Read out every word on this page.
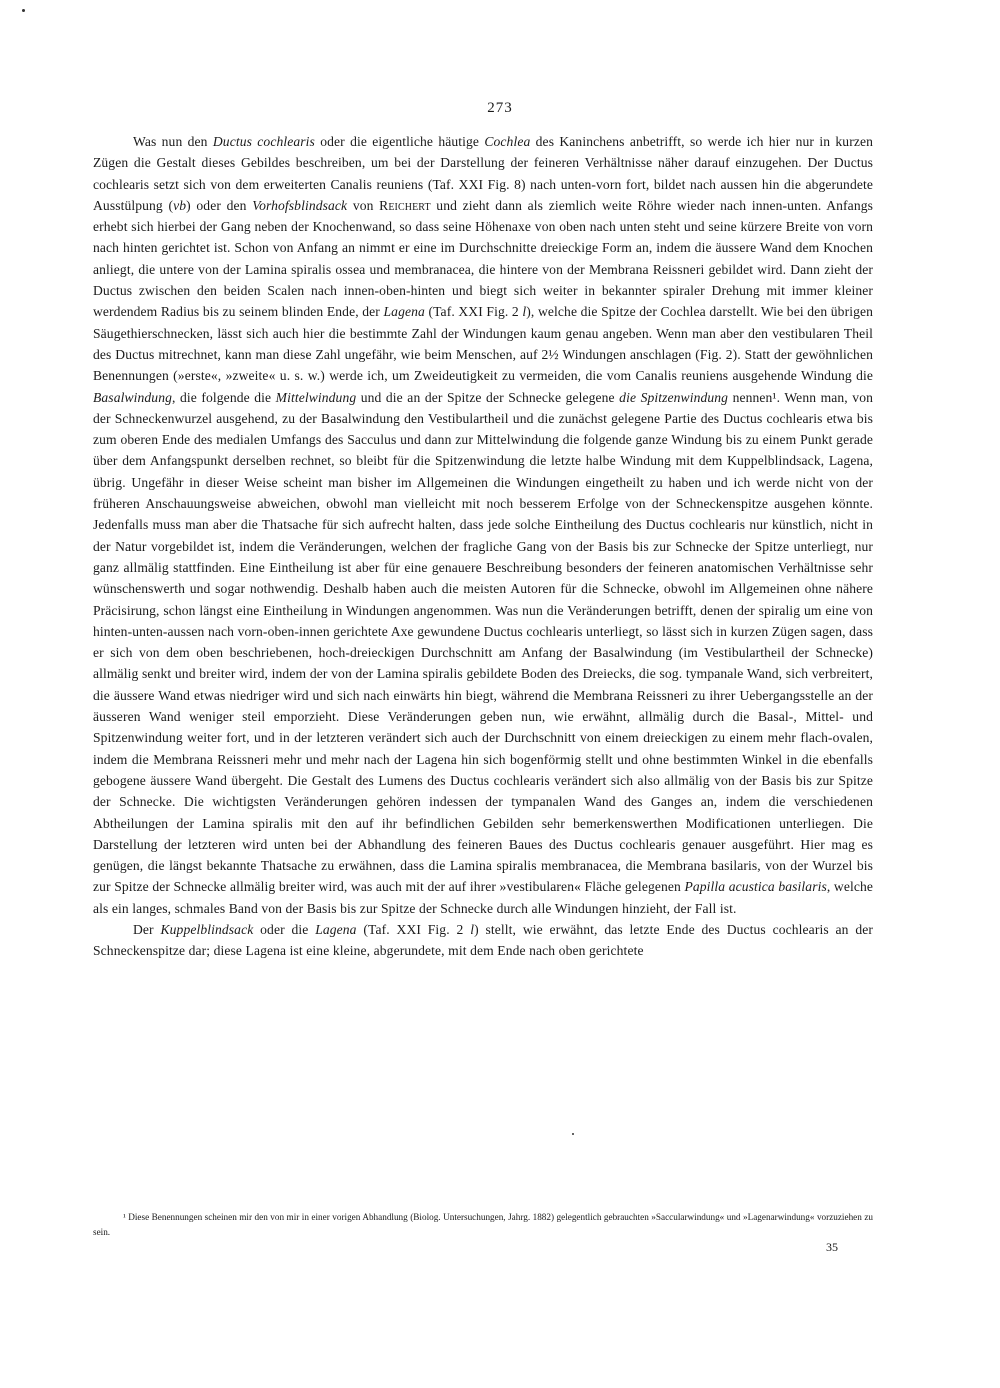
273

Was nun den Ductus cochlearis oder die eigentliche häutige Cochlea des Kaninchens anbetrifft, so werde ich hier nur in kurzen Zügen die Gestalt dieses Gebildes beschreiben, um bei der Darstellung der feineren Verhältnisse näher darauf einzugehen. Der Ductus cochlearis setzt sich von dem erweiterten Canalis reuniens (Taf. XXI Fig. 8) nach unten-vorn fort, bildet nach aussen hin die abgerundete Ausstülpung (vb) oder den Vorhofsblindsack von Reichert und zieht dann als ziemlich weite Röhre wieder nach innen-unten. Anfangs erhebt sich hierbei der Gang neben der Knochenwand, so dass seine Höhenaxe von oben nach unten steht und seine kürzere Breite von vorn nach hinten gerichtet ist. Schon von Anfang an nimmt er eine im Durchschnitte dreieckige Form an, indem die äussere Wand dem Knochen anliegt, die untere von der Lamina spiralis ossea und membranacea, die hintere von der Membrana Reissneri gebildet wird. Dann zieht der Ductus zwischen den beiden Scalen nach innen-oben-hinten und biegt sich weiter in bekannter spiraler Drehung mit immer kleiner werdendem Radius bis zu seinem blinden Ende, der Lagena (Taf. XXI Fig. 2 l), welche die Spitze der Cochlea darstellt. Wie bei den übrigen Säugethierschnecken, lässt sich auch hier die bestimmte Zahl der Windungen kaum genau angeben. Wenn man aber den vestibularen Theil des Ductus mitrechnet, kann man diese Zahl ungefähr, wie beim Menschen, auf 2½ Windungen anschlagen (Fig. 2). Statt der gewöhnlichen Benennungen (»erste«, »zweite« u. s. w.) werde ich, um Zweideutigkeit zu vermeiden, die vom Canalis reuniens ausgehende Windung die Basalwindung, die folgende die Mittelwindung und die an der Spitze der Schnecke gelegene die Spitzenwindung nennen¹. Wenn man, von der Schneckenwurzel ausgehend, zu der Basalwindung den Vestibulartheil und die zunächst gelegene Partie des Ductus cochlearis etwa bis zum oberen Ende des medialen Umfangs des Sacculus und dann zur Mittelwindung die folgende ganze Windung bis zu einem Punkt gerade über dem Anfangspunkt derselben rechnet, so bleibt für die Spitzenwindung die letzte halbe Windung mit dem Kuppelblindsack, Lagena, übrig. Ungefähr in dieser Weise scheint man bisher im Allgemeinen die Windungen eingetheilt zu haben und ich werde nicht von der früheren Anschauungsweise abweichen, obwohl man vielleicht mit noch besserem Erfolge von der Schneckenspitze ausgehen könnte. Jedenfalls muss man aber die Thatsache für sich aufrecht halten, dass jede solche Eintheilung des Ductus cochlearis nur künstlich, nicht in der Natur vorgebildet ist, indem die Veränderungen, welchen der fragliche Gang von der Basis bis zur Schnecke der Spitze unterliegt, nur ganz allmälig stattfinden. Eine Eintheilung ist aber für eine genauere Beschreibung besonders der feineren anatomischen Verhältnisse sehr wünschenswerth und sogar nothwendig. Deshalb haben auch die meisten Autoren für die Schnecke, obwohl im Allgemeinen ohne nähere Präcisirung, schon längst eine Eintheilung in Windungen angenommen. Was nun die Veränderungen betrifft, denen der spiralig um eine von hinten-unten-aussen nach vorn-oben-innen gerichtete Axe gewundene Ductus cochlearis unterliegt, so lässt sich in kurzen Zügen sagen, dass er sich von dem oben beschriebenen, hoch-dreieckigen Durchschnitt am Anfang der Basalwindung (im Vestibulartheil der Schnecke) allmälig senkt und breiter wird, indem der von der Lamina spiralis gebildete Boden des Dreiecks, die sog. tympanale Wand, sich verbreitert, die äussere Wand etwas niedriger wird und sich nach einwärts hin biegt, während die Membrana Reissneri zu ihrer Uebergangsstelle an der äusseren Wand weniger steil emporzieht. Diese Veränderungen geben nun, wie erwähnt, allmälig durch die Basal-, Mittel- und Spitzenwindung weiter fort, und in der letzteren verändert sich auch der Durchschnitt von einem dreieckigen zu einem mehr flach-ovalen, indem die Membrana Reissneri mehr und mehr nach der Lagena hin sich bogenförmig stellt und ohne bestimmten Winkel in die ebenfalls gebogene äussere Wand übergeht. Die Gestalt des Lumens des Ductus cochlearis verändert sich also allmälig von der Basis bis zur Spitze der Schnecke. Die wichtigsten Veränderungen gehören indessen der tympanalen Wand des Ganges an, indem die verschiedenen Abtheilungen der Lamina spiralis mit den auf ihr befindlichen Gebilden sehr bemerkenswerthen Modificationen unterliegen. Die Darstellung der letzteren wird unten bei der Abhandlung des feineren Baues des Ductus cochlearis genauer ausgeführt. Hier mag es genügen, die längst bekannte Thatsache zu erwähnen, dass die Lamina spiralis membranacea, die Membrana basilaris, von der Wurzel bis zur Spitze der Schnecke allmälig breiter wird, was auch mit der auf ihrer »vestibularen« Fläche gelegenen Papilla acustica basilaris, welche als ein langes, schmales Band von der Basis bis zur Spitze der Schnecke durch alle Windungen hinzieht, der Fall ist.

Der Kuppelblindsack oder die Lagena (Taf. XXI Fig. 2 l) stellt, wie erwähnt, das letzte Ende des Ductus cochlearis an der Schneckenspitze dar; diese Lagena ist eine kleine, abgerundete, mit dem Ende nach oben gerichtete

¹ Diese Benennungen scheinen mir den von mir in einer vorigen Abhandlung (Biolog. Untersuchungen, Jahrg. 1882) gelegentlich gebrauchten »Saccularwindung« und »Lagenarwindung« vorzuziehen zu sein.
35
